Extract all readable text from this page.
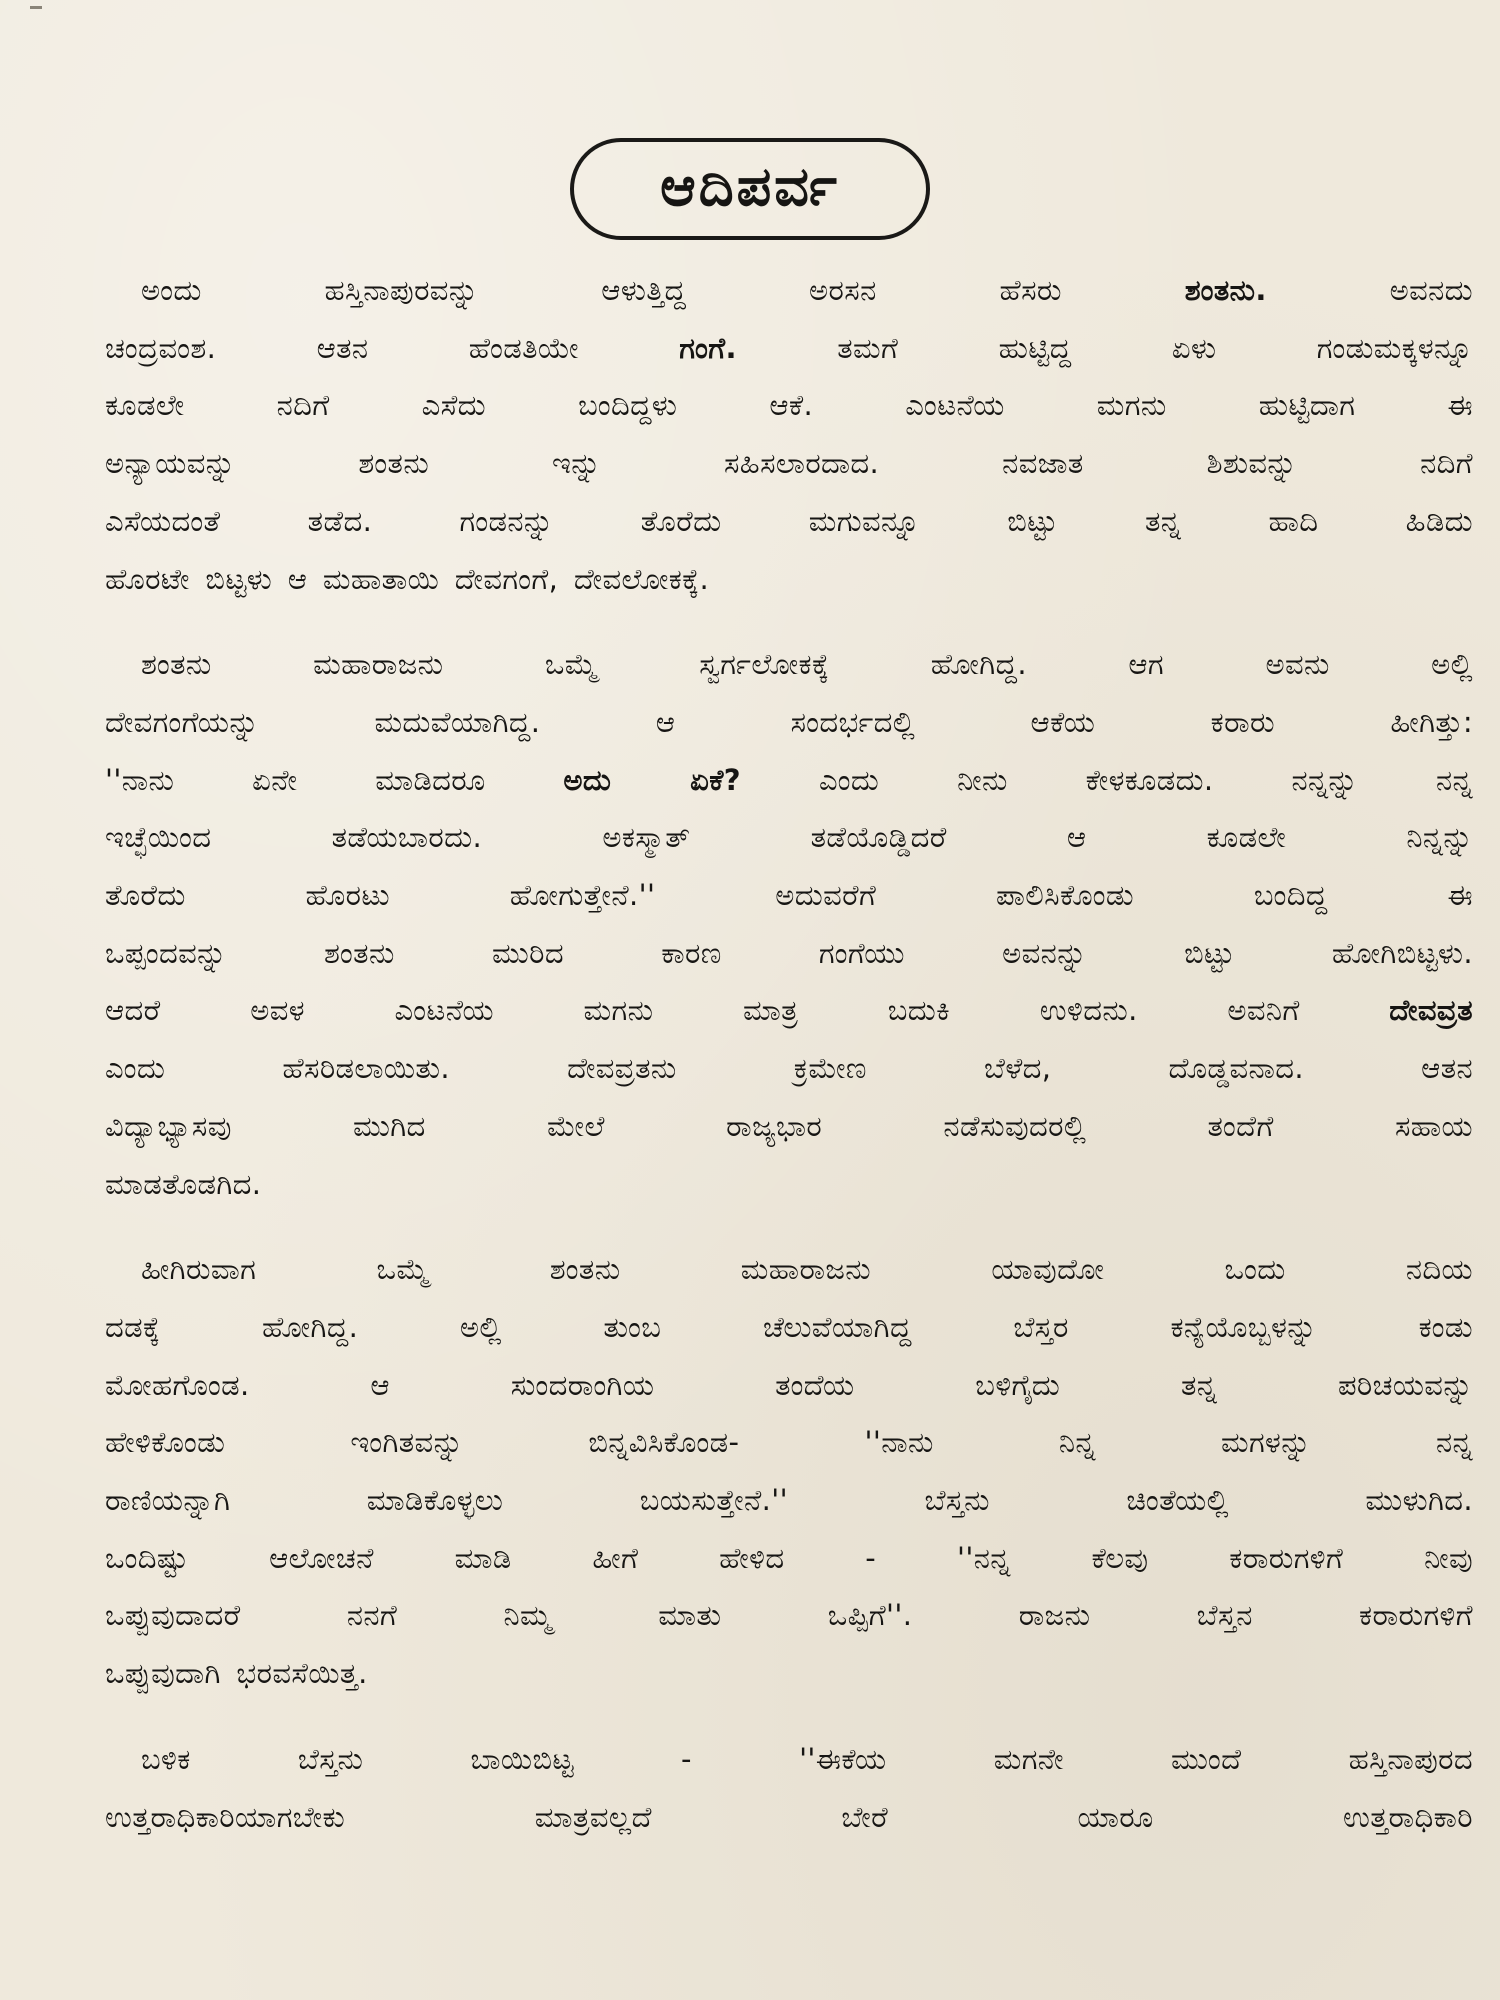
ಆದಿಪರ್ವ
ಅಂದು ಹಸ್ತಿನಾಪುರವನ್ನು ಆಳುತ್ತಿದ್ದ ಅರಸನ ಹೆಸರು ಶಂತನು. ಅವನದು
ಚಂದ್ರವಂಶ. ಆತನ ಹೆಂಡತಿಯೇ ಗಂಗೆ. ತಮಗೆ ಹುಟ್ಟಿದ್ದ ಏಳು ಗಂಡುಮಕ್ಕಳನ್ನೂ
ಕೂಡಲೇ ನದಿಗೆ ಎಸೆದು ಬಂದಿದ್ದಳು ಆಕೆ. ಎಂಟನೆಯ ಮಗನು ಹುಟ್ಟಿದಾಗ ಈ
ಅನ್ಯಾಯವನ್ನು ಶಂತನು ಇನ್ನು ಸಹಿಸಲಾರದಾದ. ನವಜಾತ ಶಿಶುವನ್ನು ನದಿಗೆ
ಎಸೆಯದಂತೆ ತಡೆದ. ಗಂಡನನ್ನು ತೊರೆದು ಮಗುವನ್ನೂ ಬಿಟ್ಟು ತನ್ನ ಹಾದಿ ಹಿಡಿದು
ಹೊರಟೇ ಬಿಟ್ಟಳು ಆ ಮಹಾತಾಯಿ ದೇವಗಂಗೆ, ದೇವಲೋಕಕ್ಕೆ.
ಶಂತನು ಮಹಾರಾಜನು ಒಮ್ಮೆ ಸ್ವರ್ಗಲೋಕಕ್ಕೆ ಹೋಗಿದ್ದ. ಆಗ ಅವನು ಅಲ್ಲಿ
ದೇವಗಂಗೆಯನ್ನು ಮದುವೆಯಾಗಿದ್ದ. ಆ ಸಂದರ್ಭದಲ್ಲಿ ಆಕೆಯ ಕರಾರು ಹೀಗಿತ್ತು:
''ನಾನು ಏನೇ ಮಾಡಿದರೂ ಅದು ಏಕೆ? ಎಂದು ನೀನು ಕೇಳಕೂಡದು. ನನ್ನನ್ನು ನನ್ನ
ಇಚ್ಛೆಯಿಂದ ತಡೆಯಬಾರದು. ಅಕಸ್ಮಾತ್ ತಡೆಯೊಡ್ಡಿದರೆ ಆ ಕೂಡಲೇ ನಿನ್ನನ್ನು
ತೊರೆದು ಹೊರಟು ಹೋಗುತ್ತೇನೆ.'' ಅದುವರೆಗೆ ಪಾಲಿಸಿಕೊಂಡು ಬಂದಿದ್ದ ಈ
ಒಪ್ಪಂದವನ್ನು ಶಂತನು ಮುರಿದ ಕಾರಣ ಗಂಗೆಯು ಅವನನ್ನು ಬಿಟ್ಟು ಹೋಗಿಬಿಟ್ಟಳು.
ಆದರೆ ಅವಳ ಎಂಟನೆಯ ಮಗನು ಮಾತ್ರ ಬದುಕಿ ಉಳಿದನು. ಅವನಿಗೆ ದೇವವ್ರತ
ಎಂದು ಹೆಸರಿಡಲಾಯಿತು. ದೇವವ್ರತನು ಕ್ರಮೇಣ ಬೆಳೆದ, ದೊಡ್ಡವನಾದ. ಆತನ
ವಿದ್ಯಾಭ್ಯಾಸವು ಮುಗಿದ ಮೇಲೆ ರಾಜ್ಯಭಾರ ನಡೆಸುವುದರಲ್ಲಿ ತಂದೆಗೆ ಸಹಾಯ
ಮಾಡತೊಡಗಿದ.
ಹೀಗಿರುವಾಗ ಒಮ್ಮೆ ಶಂತನು ಮಹಾರಾಜನು ಯಾವುದೋ ಒಂದು ನದಿಯ
ದಡಕ್ಕೆ ಹೋಗಿದ್ದ. ಅಲ್ಲಿ ತುಂಬ ಚೆಲುವೆಯಾಗಿದ್ದ ಬೆಸ್ತರ ಕನ್ಯೆಯೊಬ್ಬಳನ್ನು ಕಂಡು
ಮೋಹಗೊಂಡ. ಆ ಸುಂದರಾಂಗಿಯ ತಂದೆಯ ಬಳಿಗೈದು ತನ್ನ ಪರಿಚಯವನ್ನು
ಹೇಳಿಕೊಂಡು ಇಂಗಿತವನ್ನು ಬಿನ್ನವಿಸಿಕೊಂಡ- ''ನಾನು ನಿನ್ನ ಮಗಳನ್ನು ನನ್ನ
ರಾಣಿಯನ್ನಾಗಿ ಮಾಡಿಕೊಳ್ಳಲು ಬಯಸುತ್ತೇನೆ.'' ಬೆಸ್ತನು ಚಿಂತೆಯಲ್ಲಿ ಮುಳುಗಿದ.
ಒಂದಿಷ್ಟು ಆಲೋಚನೆ ಮಾಡಿ ಹೀಗೆ ಹೇಳಿದ - ''ನನ್ನ ಕೆಲವು ಕರಾರುಗಳಿಗೆ ನೀವು
ಒಪ್ಪುವುದಾದರೆ ನನಗೆ ನಿಮ್ಮ ಮಾತು ಒಪ್ಪಿಗೆ''. ರಾಜನು ಬೆಸ್ತನ ಕರಾರುಗಳಿಗೆ
ಒಪ್ಪುವುದಾಗಿ ಭರವಸೆಯಿತ್ತ.
ಬಳಿಕ ಬೆಸ್ತನು ಬಾಯಿಬಿಟ್ಟ - ''ಈಕೆಯ ಮಗನೇ ಮುಂದೆ ಹಸ್ತಿನಾಪುರದ
ಉತ್ತರಾಧಿಕಾರಿಯಾಗಬೇಕು ಮಾತ್ರವಲ್ಲದೆ ಬೇರೆ ಯಾರೂ ಉತ್ತರಾಧಿಕಾರಿ
